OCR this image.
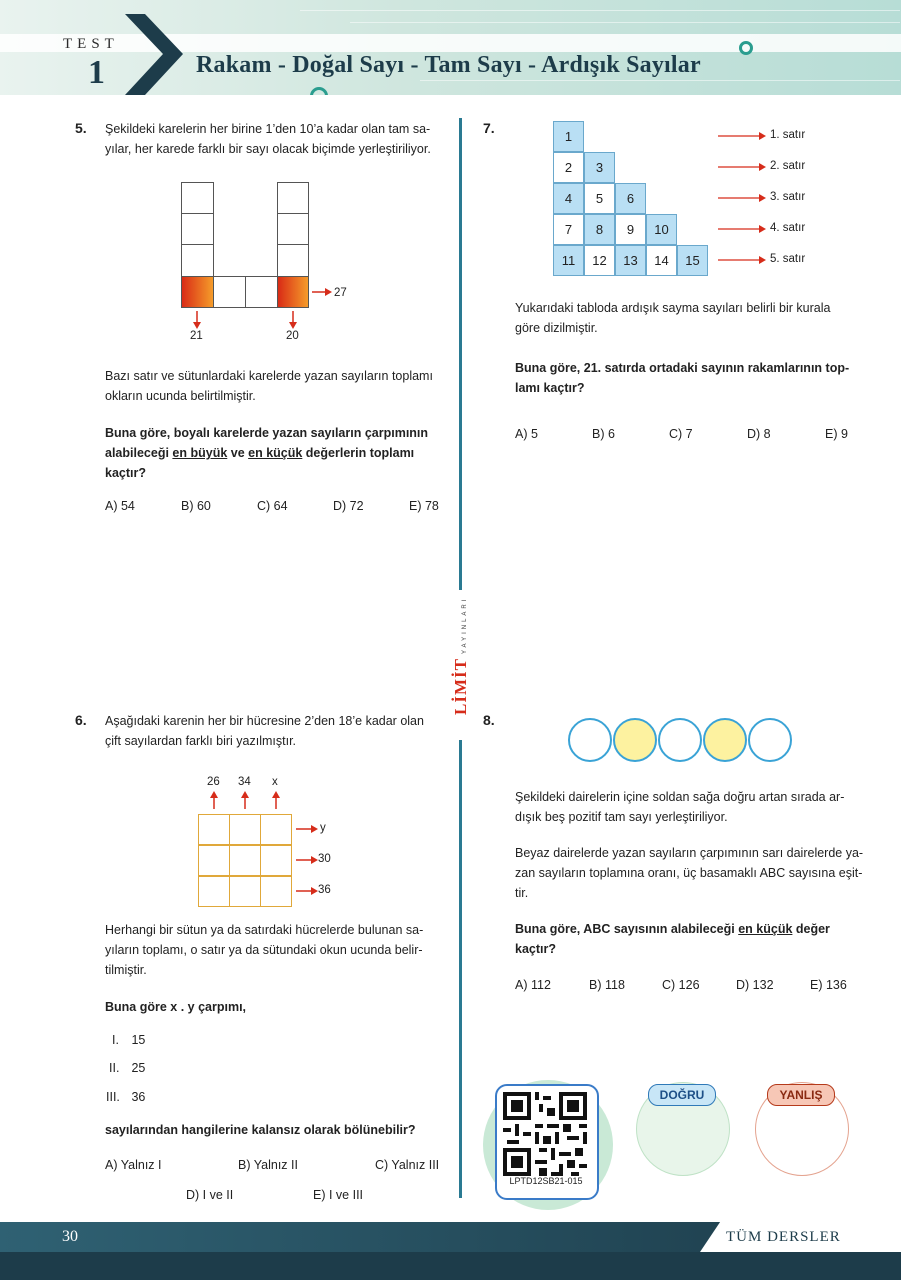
TEST
1	Rakam - Doğal Sayı - Tam Sayı - Ardışık Sayılar
LİMİTYAYINLARI
5. Şekildeki karelerin her birine 1’den 10’a kadar olan tam sa-
yılar, her karede farklı bir sayı olacak biçimde yerleştiriliyor.
27
21	20
Bazı satır ve sütunlardaki karelerde yazan sayıların toplamı
okların ucunda belirtilmiştir.
Buna göre, boyalı karelerde yazan sayıların çarpımının
alabileceği en büyük ve en küçük değerlerin toplamı
kaçtır?
A) 54	B) 60	C) 64	D) 72	E) 78
6. Aşağıdaki karenin her bir hücresine 2’den 18’e kadar olan
çift sayılardan farklı biri yazılmıştır.
26 34 x
y
30
36
Herhangi bir sütun ya da satırdaki hücrelerde bulunan sa-
yıların toplamı, o satır ya da sütundaki okun ucunda belir-
tilmiştir.
Buna göre x . y çarpımı,
I. 15
II. 25
III. 36
sayılarından hangilerine kalansız olarak bölünebilir?
A) Yalnız I	B) Yalnız II	C) Yalnız III
D) I ve II	E) I ve III
7.
1
2	3
4	5	6
7	8	9	10
11	12	13	14	15
1. satır
2. satır
3. satır
4. satır
5. satır
Yukarıdaki tabloda ardışık sayma sayıları belirli bir kurala
göre dizilmiştir.
Buna göre, 21. satırda ortadaki sayının rakamlarının top-
lamı kaçtır?
A) 5	B) 6	C) 7	D) 8	E) 9
8.
Şekildeki dairelerin içine soldan sağa doğru artan sırada ar-
dışık beş pozitif tam sayı yerleştiriliyor.
Beyaz dairelerde yazan sayıların çarpımının sarı dairelerde ya-
zan sayıların toplamına oranı, üç basamaklı ABC sayısına eşit-
tir.
Buna göre, ABC sayısının alabileceği en küçük değer
kaçtır?
A) 112	B) 118	C) 126	D) 132	E) 136
LPTD12SB21-015
DOĞRU	YANLIŞ
30	TÜM DERSLER
